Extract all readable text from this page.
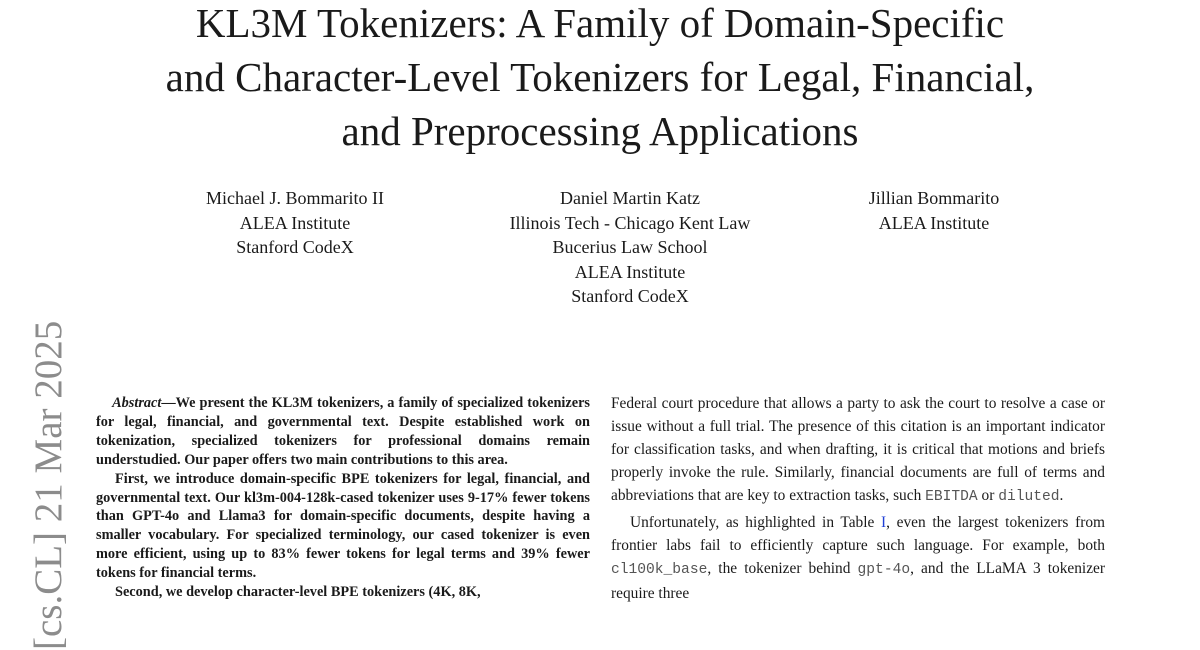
KL3M Tokenizers: A Family of Domain-Specific
and Character-Level Tokenizers for Legal, Financial,
and Preprocessing Applications
Michael J. Bommarito II
ALEA Institute
Stanford CodeX
Daniel Martin Katz
Illinois Tech - Chicago Kent Law
Bucerius Law School
ALEA Institute
Stanford CodeX
Jillian Bommarito
ALEA Institute
[cs.CL] 21 Mar 2025	Abstract—We present the KL3M tokenizers, a family of specialized tokenizers for legal, financial, and governmental text. Despite established work on tokenization, specialized tokenizers for professional domains remain understudied. Our paper offers two main contributions to this area.

First, we introduce domain-specific BPE tokenizers for legal, financial, and governmental text. Our kl3m-004-128k-cased tokenizer uses 9-17% fewer tokens than GPT-4o and Llama3 for domain-specific documents, despite having a smaller vocabulary. For specialized terminology, our cased tokenizer is even more efficient, using up to 83% fewer tokens for legal terms and 39% fewer tokens for financial terms.

Second, we develop character-level BPE tokenizers (4K, 8K,

Federal court procedure that allows a party to ask the court to resolve a case or issue without a full trial. The presence of this citation is an important indicator for classification tasks, and when drafting, it is critical that motions and briefs properly invoke the rule. Similarly, financial documents are full of terms and abbreviations that are key to extraction tasks, such EBITDA or diluted.

Unfortunately, as highlighted in Table I, even the largest tokenizers from frontier labs fail to efficiently capture such language. For example, both cl100k_base, the tokenizer behind gpt-4o, and the LLaMA 3 tokenizer require three
